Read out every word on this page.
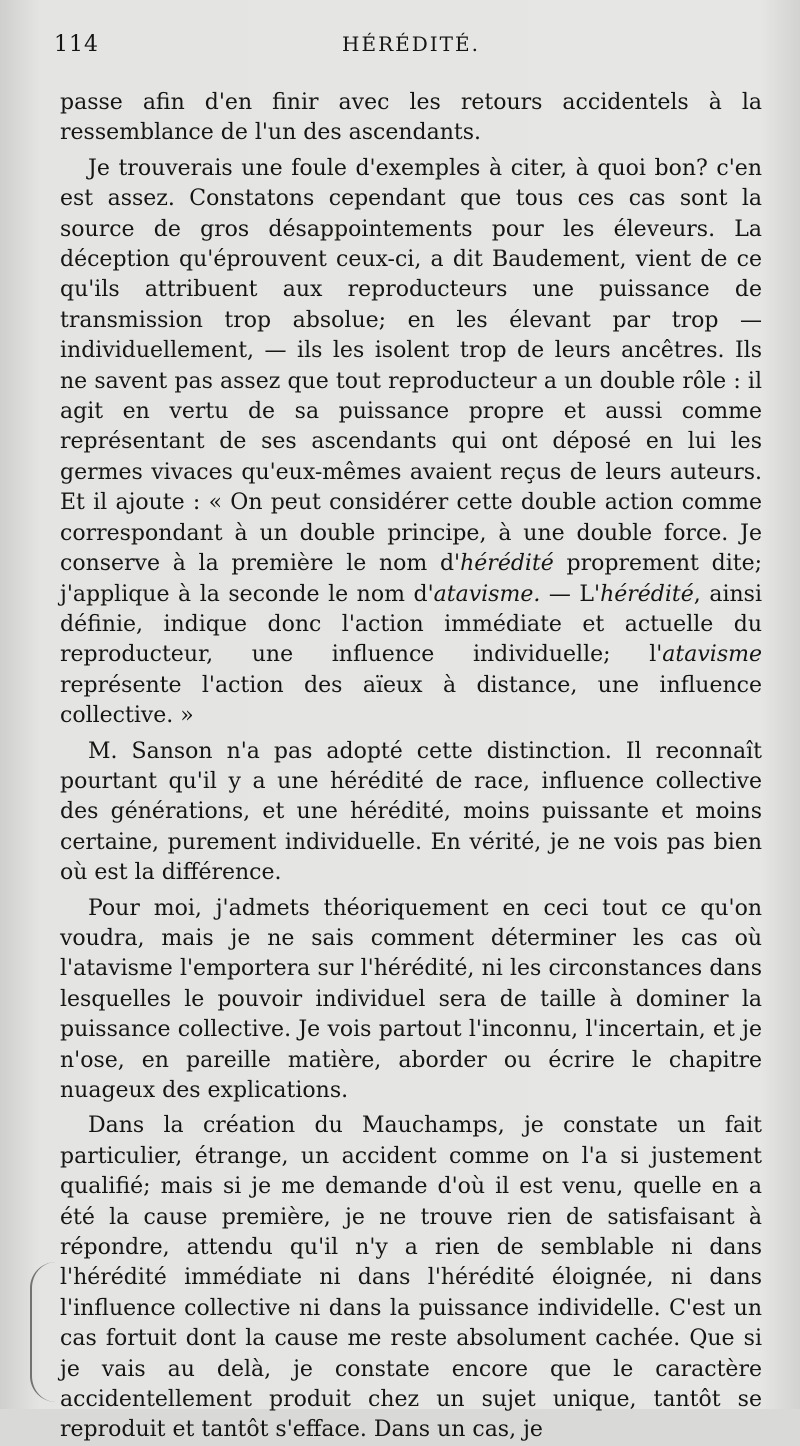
114	HÉRÉDITÉ.

passe afin d'en finir avec les retours accidentels à la ressemblance de l'un des ascendants.

Je trouverais une foule d'exemples à citer, à quoi bon? c'en est assez. Constatons cependant que tous ces cas sont la source de gros désappointements pour les éleveurs. La déception qu'éprouvent ceux-ci, a dit Baudement, vient de ce qu'ils attribuent aux reproducteurs une puissance de transmission trop absolue; en les élevant par trop — individuellement, — ils les isolent trop de leurs ancêtres. Ils ne savent pas assez que tout reproducteur a un double rôle : il agit en vertu de sa puissance propre et aussi comme représentant de ses ascendants qui ont déposé en lui les germes vivaces qu'eux-mêmes avaient reçus de leurs auteurs. Et il ajoute : « On peut considérer cette double action comme correspondant à un double principe, à une double force. Je conserve à la première le nom d'hérédité proprement dite; j'applique à la seconde le nom d'atavisme. — L'hérédité, ainsi définie, indique donc l'action immédiate et actuelle du reproducteur, une influence individuelle; l'atavisme représente l'action des aïeux à distance, une influence collective. »

M. Sanson n'a pas adopté cette distinction. Il reconnaît pourtant qu'il y a une hérédité de race, influence collective des générations, et une hérédité, moins puissante et moins certaine, purement individuelle. En vérité, je ne vois pas bien où est la différence.

Pour moi, j'admets théoriquement en ceci tout ce qu'on voudra, mais je ne sais comment déterminer les cas où l'atavisme l'emportera sur l'hérédité, ni les circonstances dans lesquelles le pouvoir individuel sera de taille à dominer la puissance collective. Je vois partout l'inconnu, l'incertain, et je n'ose, en pareille matière, aborder ou écrire le chapitre nuageux des explications.

Dans la création du Mauchamps, je constate un fait particulier, étrange, un accident comme on l'a si justement qualifié; mais si je me demande d'où il est venu, quelle en a été la cause première, je ne trouve rien de satisfaisant à répondre, attendu qu'il n'y a rien de semblable ni dans l'hérédité immédiate ni dans l'hérédité éloignée, ni dans l'influence collective ni dans la puissance individelle. C'est un cas fortuit dont la cause me reste absolument cachée. Que si je vais au delà, je constate encore que le caractère accidentellement produit chez un sujet unique, tantôt se reproduit et tantôt s'efface. Dans un cas, je
